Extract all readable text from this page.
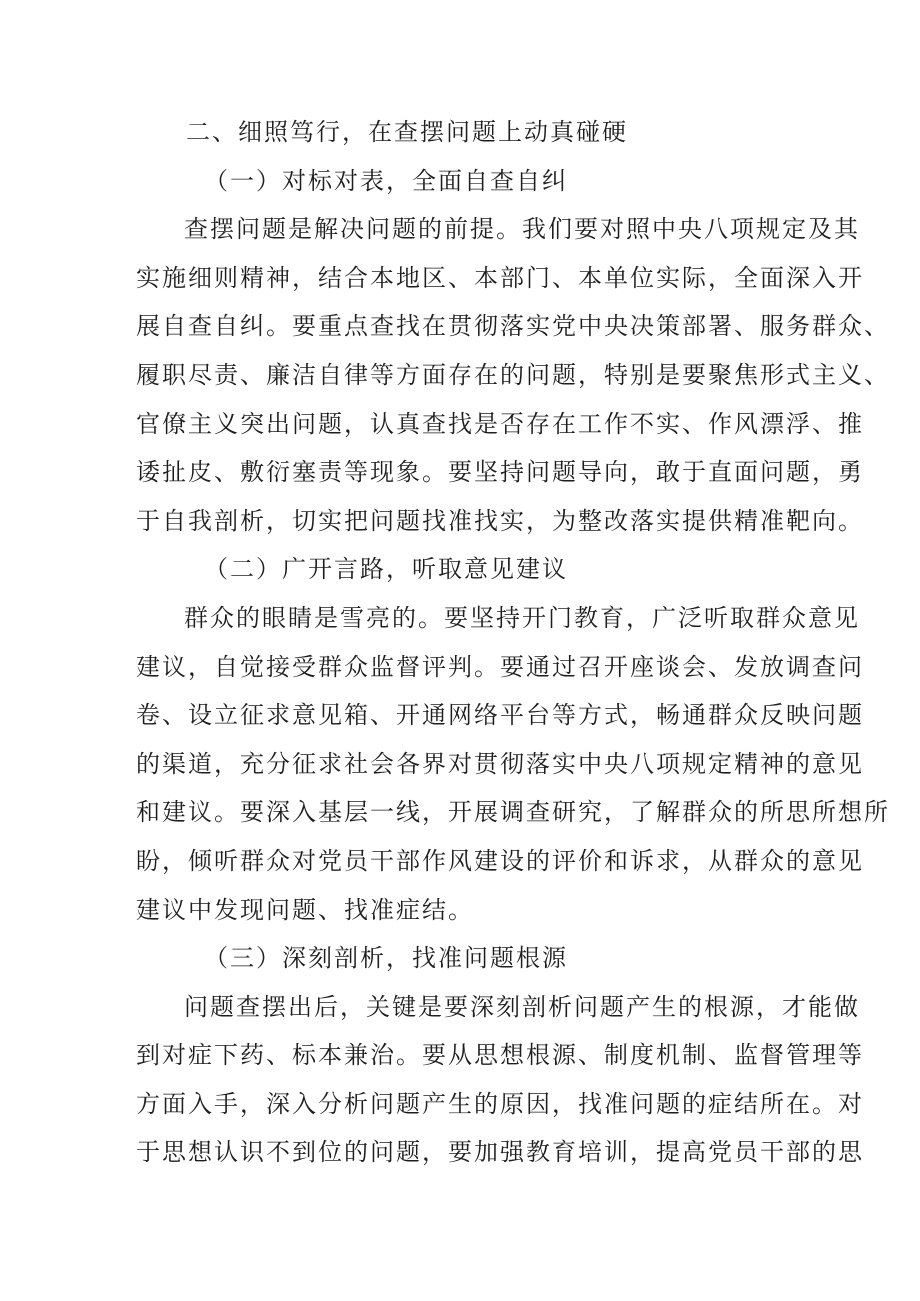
二、细照笃行，在查摆问题上动真碰硬
（一）对标对表，全面自查自纠
查摆问题是解决问题的前提。我们要对照中央八项规定及其
实施细则精神，结合本地区、本部门、本单位实际，全面深入开
展自查自纠。要重点查找在贯彻落实党中央决策部署、服务群众、
履职尽责、廉洁自律等方面存在的问题，特别是要聚焦形式主义、
官僚主义突出问题，认真查找是否存在工作不实、作风漂浮、推
诿扯皮、敷衍塞责等现象。要坚持问题导向，敢于直面问题，勇
于自我剖析，切实把问题找准找实，为整改落实提供精准靶向。
（二）广开言路，听取意见建议
群众的眼睛是雪亮的。要坚持开门教育，广泛听取群众意见
建议，自觉接受群众监督评判。要通过召开座谈会、发放调查问
卷、设立征求意见箱、开通网络平台等方式，畅通群众反映问题
的渠道，充分征求社会各界对贯彻落实中央八项规定精神的意见
和建议。要深入基层一线，开展调查研究，了解群众的所思所想所
盼，倾听群众对党员干部作风建设的评价和诉求，从群众的意见
建议中发现问题、找准症结。
（三）深刻剖析，找准问题根源
问题查摆出后，关键是要深刻剖析问题产生的根源，才能做
到对症下药、标本兼治。要从思想根源、制度机制、监督管理等
方面入手，深入分析问题产生的原因，找准问题的症结所在。对
于思想认识不到位的问题，要加强教育培训，提高党员干部的思
